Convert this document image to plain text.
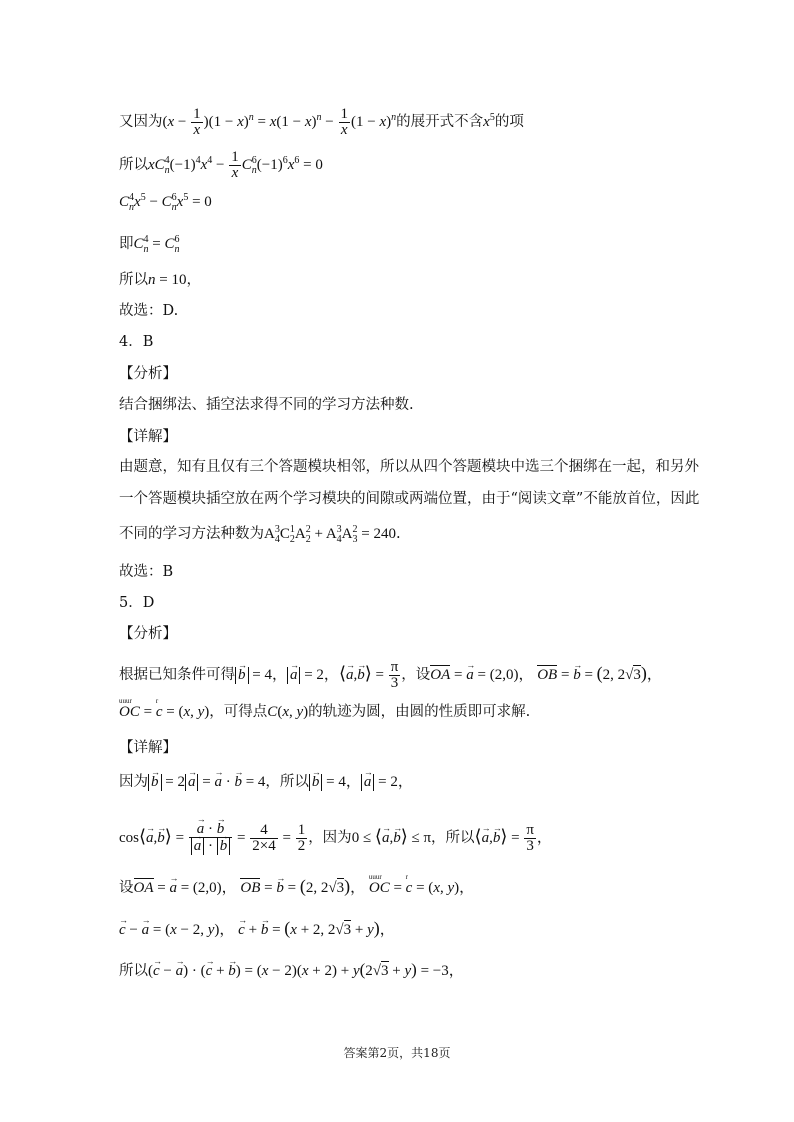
又因为$(x - \frac{1}{x} )(1 - x)^n = x(1 - x)^n - \frac{1}{x} (1 - x)^n$的展开式不含$x^5$的项
所以$xC_n^4(-1)^4x^4 - \frac{1}{x} C_n^6(-1)^6x^6 = 0$
$C_n^4x^5 - C_n^6x^5 = 0$
即$C_n^4 = C_n^6$
所以n = 10，
故选：D.
4．B
【分析】
结合捆绑法、插空法求得不同的学习方法种数.
【详解】
由题意，知有且仅有三个答题模块相邻，所以从四个答题模块中选三个捆绑在一起，和另外
一个答题模块插空放在两个学习模块的间隙或两端位置，由于“阅读文章”不能放首位，因此
不同的学习方法种数为$A_4^3C_2^1A_2^2 + A_4^3A_3^2 = 240$.
故选：B
5．D
【分析】
根据已知条件可得 → b = 4， → a = 2，⟨→ a,→ b⟩ = $\frac{\pi}{3}$ ，设OA = → a = (2,0)， OB = → b = (2, 2√3)，
uuur
OC =
r
c = (x, y)，可得点C(x, y)的轨迹为圆，由圆的性质即可求解.
【详解】
因为 → b = 2 → a = → a · → b = 4，所以 → b = 4， → a = 2，
cos⟨→ a,→ b⟩ = → a · → b
→ a · → $b = \frac{4}{2\times 4} = \frac{1}{2}$ ，因为0 ≤ ⟨→ a,→ b⟩ ≤ π，所以⟨→ a,→ b⟩ = $\frac{\pi}{3}$ ，
设OA = → a = (2,0)， OB = → b = (2, 2√3)，
uuur
OC =
r
c = (x, y)，
→ c − → a = (x − 2, y)， → c + → b = (x + 2, 2√3 + y)，
所以(→ c − → a) · (→ c + → b) = (x − 2)(x + 2) + y(2√3 + y) = −3，
答案第2页，共18页
